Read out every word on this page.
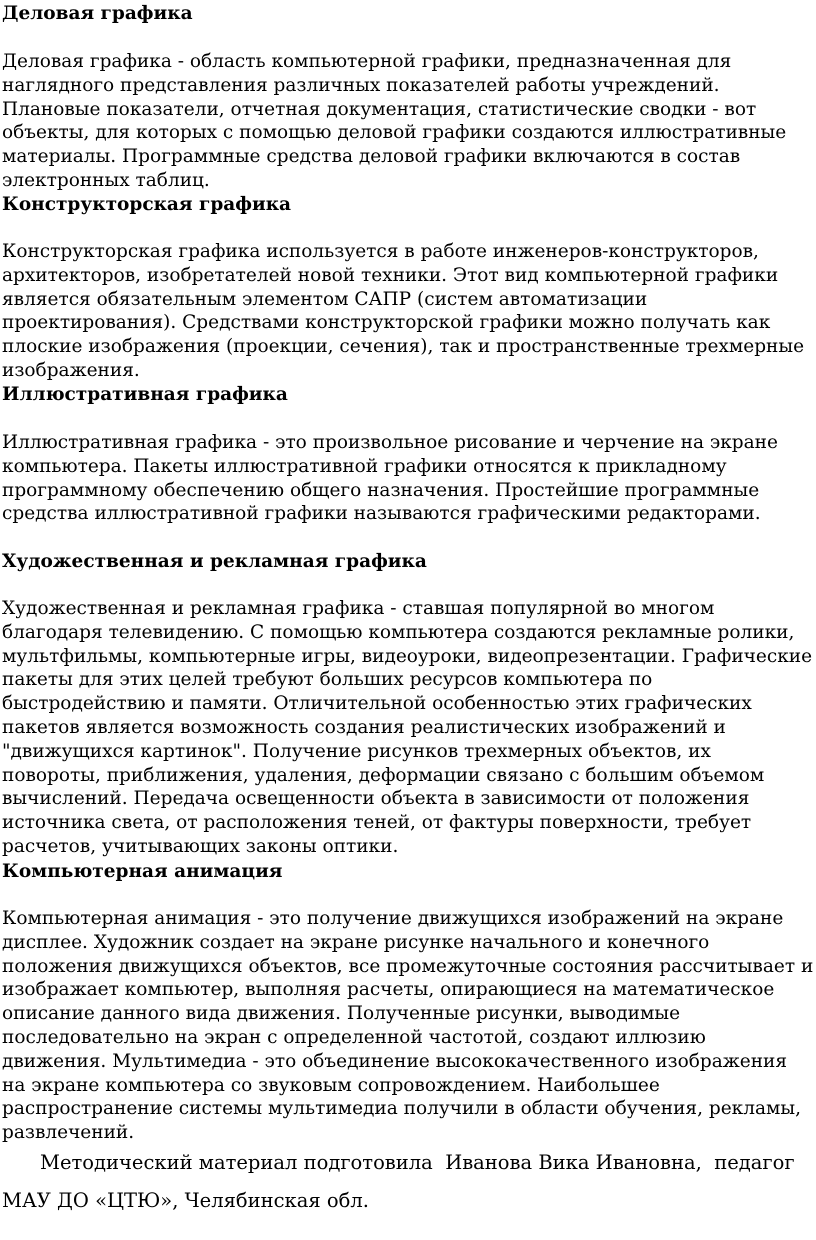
Деловая графика

Деловая графика - область компьютерной графики, предназначенная для наглядного представления различных показателей работы учреждений. Плановые показатели, отчетная документация, статистические сводки - вот объекты, для которых с помощью деловой графики создаются иллюстративные материалы. Программные средства деловой графики включаются в состав электронных таблиц.

Конструкторская графика

Конструкторская графика используется в работе инженеров-конструкторов, архитекторов, изобретателей новой техники. Этот вид компьютерной графики является обязательным элементом САПР (систем автоматизации проектирования). Средствами конструкторской графики можно получать как плоские изображения (проекции, сечения), так и пространственные трехмерные изображения.

Иллюстративная графика

Иллюстративная графика - это произвольное рисование и черчение на экране компьютера. Пакеты иллюстративной графики относятся к прикладному программному обеспечению общего назначения. Простейшие программные средства иллюстративной графики называются графическими редакторами.

Художественная и рекламная графика

Художественная и рекламная графика - ставшая популярной во многом благодаря телевидению. С помощью компьютера создаются рекламные ролики, мультфильмы, компьютерные игры, видеоуроки, видеопрезентации. Графические пакеты для этих целей требуют больших ресурсов компьютера по быстродействию и памяти. Отличительной особенностью этих графических пакетов является возможность создания реалистических изображений и "движущихся картинок". Получение рисунков трехмерных объектов, их повороты, приближения, удаления, деформации связано с большим объемом вычислений. Передача освещенности объекта в зависимости от положения источника света, от расположения теней, от фактуры поверхности, требует расчетов, учитывающих законы оптики.

Компьютерная анимация

Компьютерная анимация - это получение движущихся изображений на экране дисплее. Художник создает на экране рисунке начального и конечного положения движущихся объектов, все промежуточные состояния рассчитывает и изображает компьютер, выполняя расчеты, опирающиеся на математическое описание данного вида движения. Полученные рисунки, выводимые последовательно на экран с определенной частотой, создают иллюзию движения. Мультимедиа - это объединение высококачественного изображения на экране компьютера со звуковым сопровождением. Наибольшее распространение системы мультимедиа получили в области обучения, рекламы, развлечений.

Методический материал подготовила  Иванова Вика Ивановна,  педагог
МАУ ДО «ЦТЮ», Челябинская обл.
